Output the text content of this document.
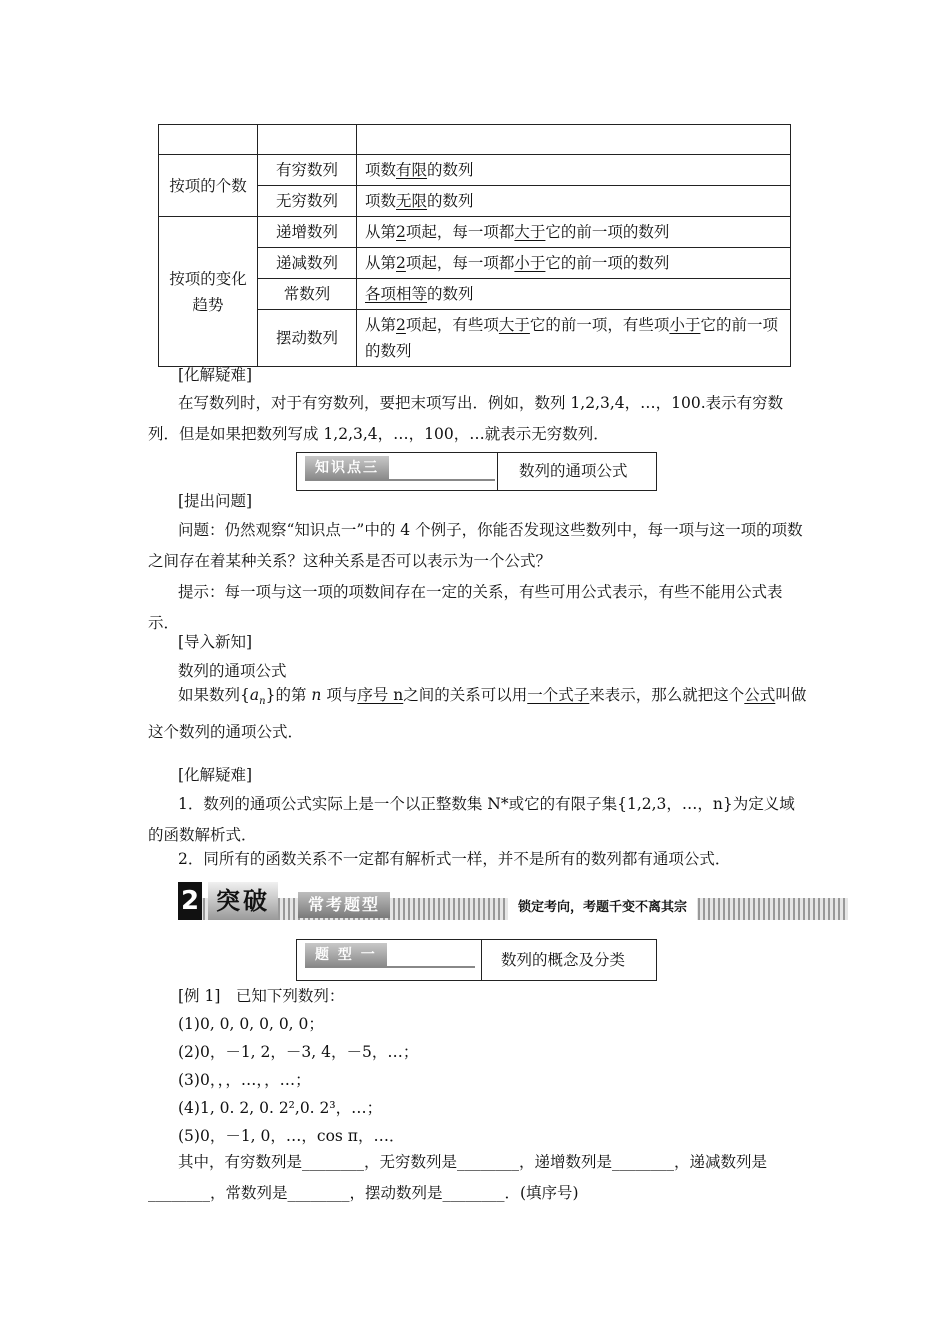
按项的个数	有穷数列	项数有限的数列
	无穷数列	项数无限的数列
按项的变化趋势	递增数列	从第2项起，每一项都大于它的前一项的数列
	递减数列	从第2项起，每一项都小于它的前一项的数列
	常数列	各项相等的数列
	摆动数列	从第2项起，有些项大于它的前一项，有些项小于它的前一项的数列
[化解疑难]
在写数列时，对于有穷数列，要把末项写出．例如，数列 1,2,3,4，…，100.表示有穷数列．但是如果把数列写成 1,2,3,4，…，100，…就表示无穷数列．
知识点三	数列的通项公式
[提出问题]
问题：仍然观察“知识点一”中的 4 个例子，你能否发现这些数列中，每一项与这一项的项数之间存在着某种关系？这种关系是否可以表示为一个公式？
提示：每一项与这一项的项数间存在一定的关系，有些可用公式表示，有些不能用公式表示．
[导入新知]
数列的通项公式
如果数列$\{a_n\}$的第 n 项与序号 n之间的关系可以用一个式子来表示，那么就把这个公式叫做这个数列的通项公式．
[化解疑难]
1．数列的通项公式实际上是一个以正整数集 N*或它的有限子集{1,2,3，…，n}为定义域的函数解析式．
2．同所有的函数关系不一定都有解析式一样，并不是所有的数列都有通项公式．
2 突破	常考题型	锁定考向，考题千变不离其宗
题 型 一	数列的概念及分类
[例 1]　已知下列数列：
(1)0, 0, 0, 0, 0, 0；
(2)0，－1, 2，－3, 4，－5，…；
(3)0，，，…，，…；
(4)1, 0. 2, 0. 2²,0. 2³，…；
(5)0，－1, 0，…，cos π，…．
其中，有穷数列是________，无穷数列是________，递增数列是________，递减数列是________，常数列是________，摆动数列是________．(填序号)
